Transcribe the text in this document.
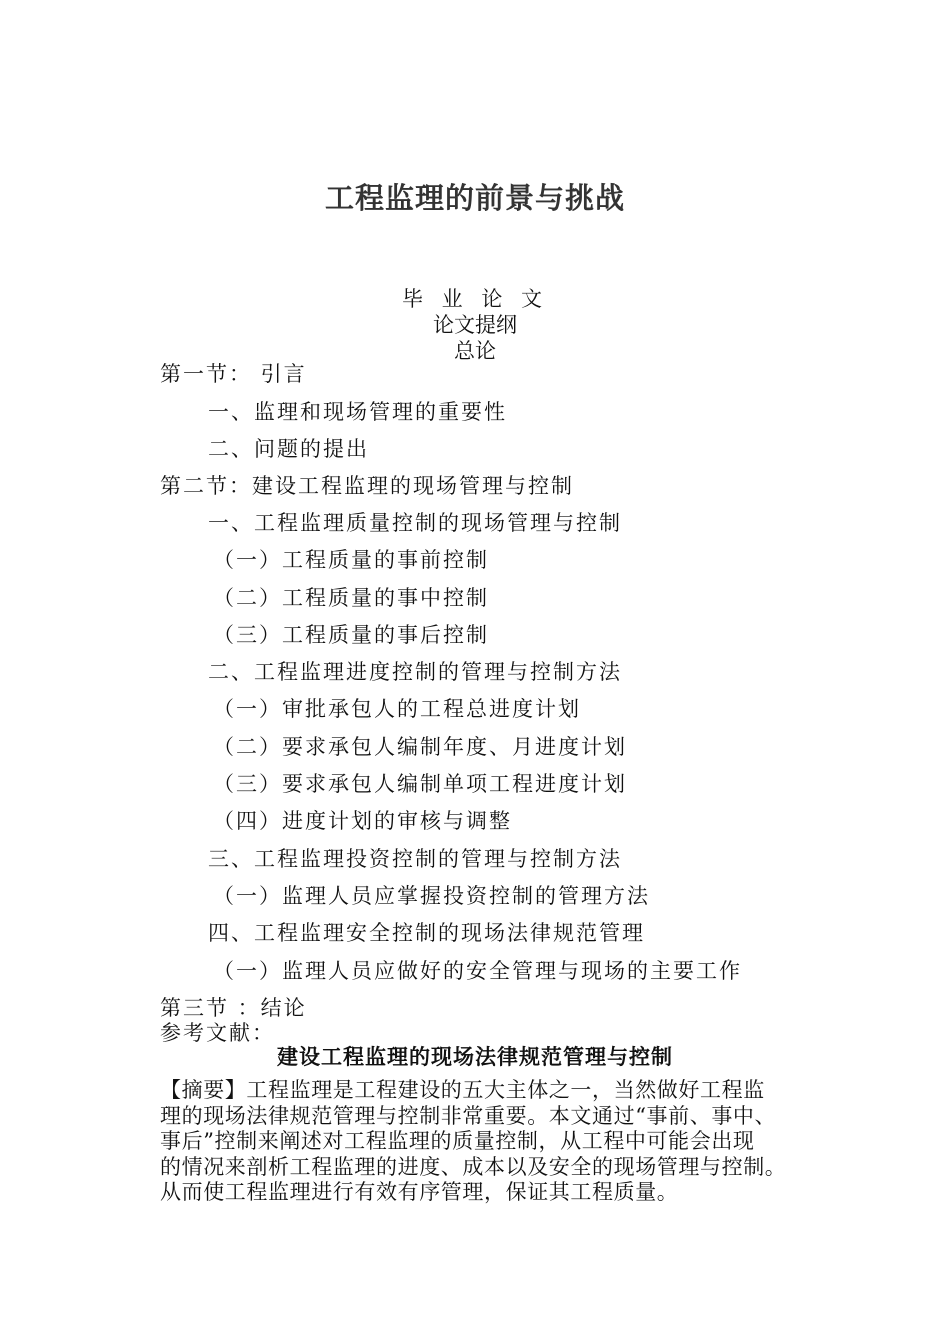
工程监理的前景与挑战
毕 业 论 文
论文提纲
总论
第一节： 引言
一、监理和现场管理的重要性
二、问题的提出
第二节：建设工程监理的现场管理与控制
一、工程监理质量控制的现场管理与控制
（一）工程质量的事前控制
（二）工程质量的事中控制
（三）工程质量的事后控制
二、工程监理进度控制的管理与控制方法
（一）审批承包人的工程总进度计划
（二）要求承包人编制年度、月进度计划
（三）要求承包人编制单项工程进度计划
（四）进度计划的审核与调整
三、工程监理投资控制的管理与控制方法
（一）监理人员应掌握投资控制的管理方法
四、工程监理安全控制的现场法律规范管理
（一）监理人员应做好的安全管理与现场的主要工作
第三节 ：结论
参考文献：
建设工程监理的现场法律规范管理与控制
【摘要】工程监理是工程建设的五大主体之一，当然做好工程监
理的现场法律规范管理与控制非常重要。本文通过“事前、事中、
事后”控制来阐述对工程监理的质量控制，从工程中可能会出现
的情况来剖析工程监理的进度、成本以及安全的现场管理与控制。
从而使工程监理进行有效有序管理，保证其工程质量。
